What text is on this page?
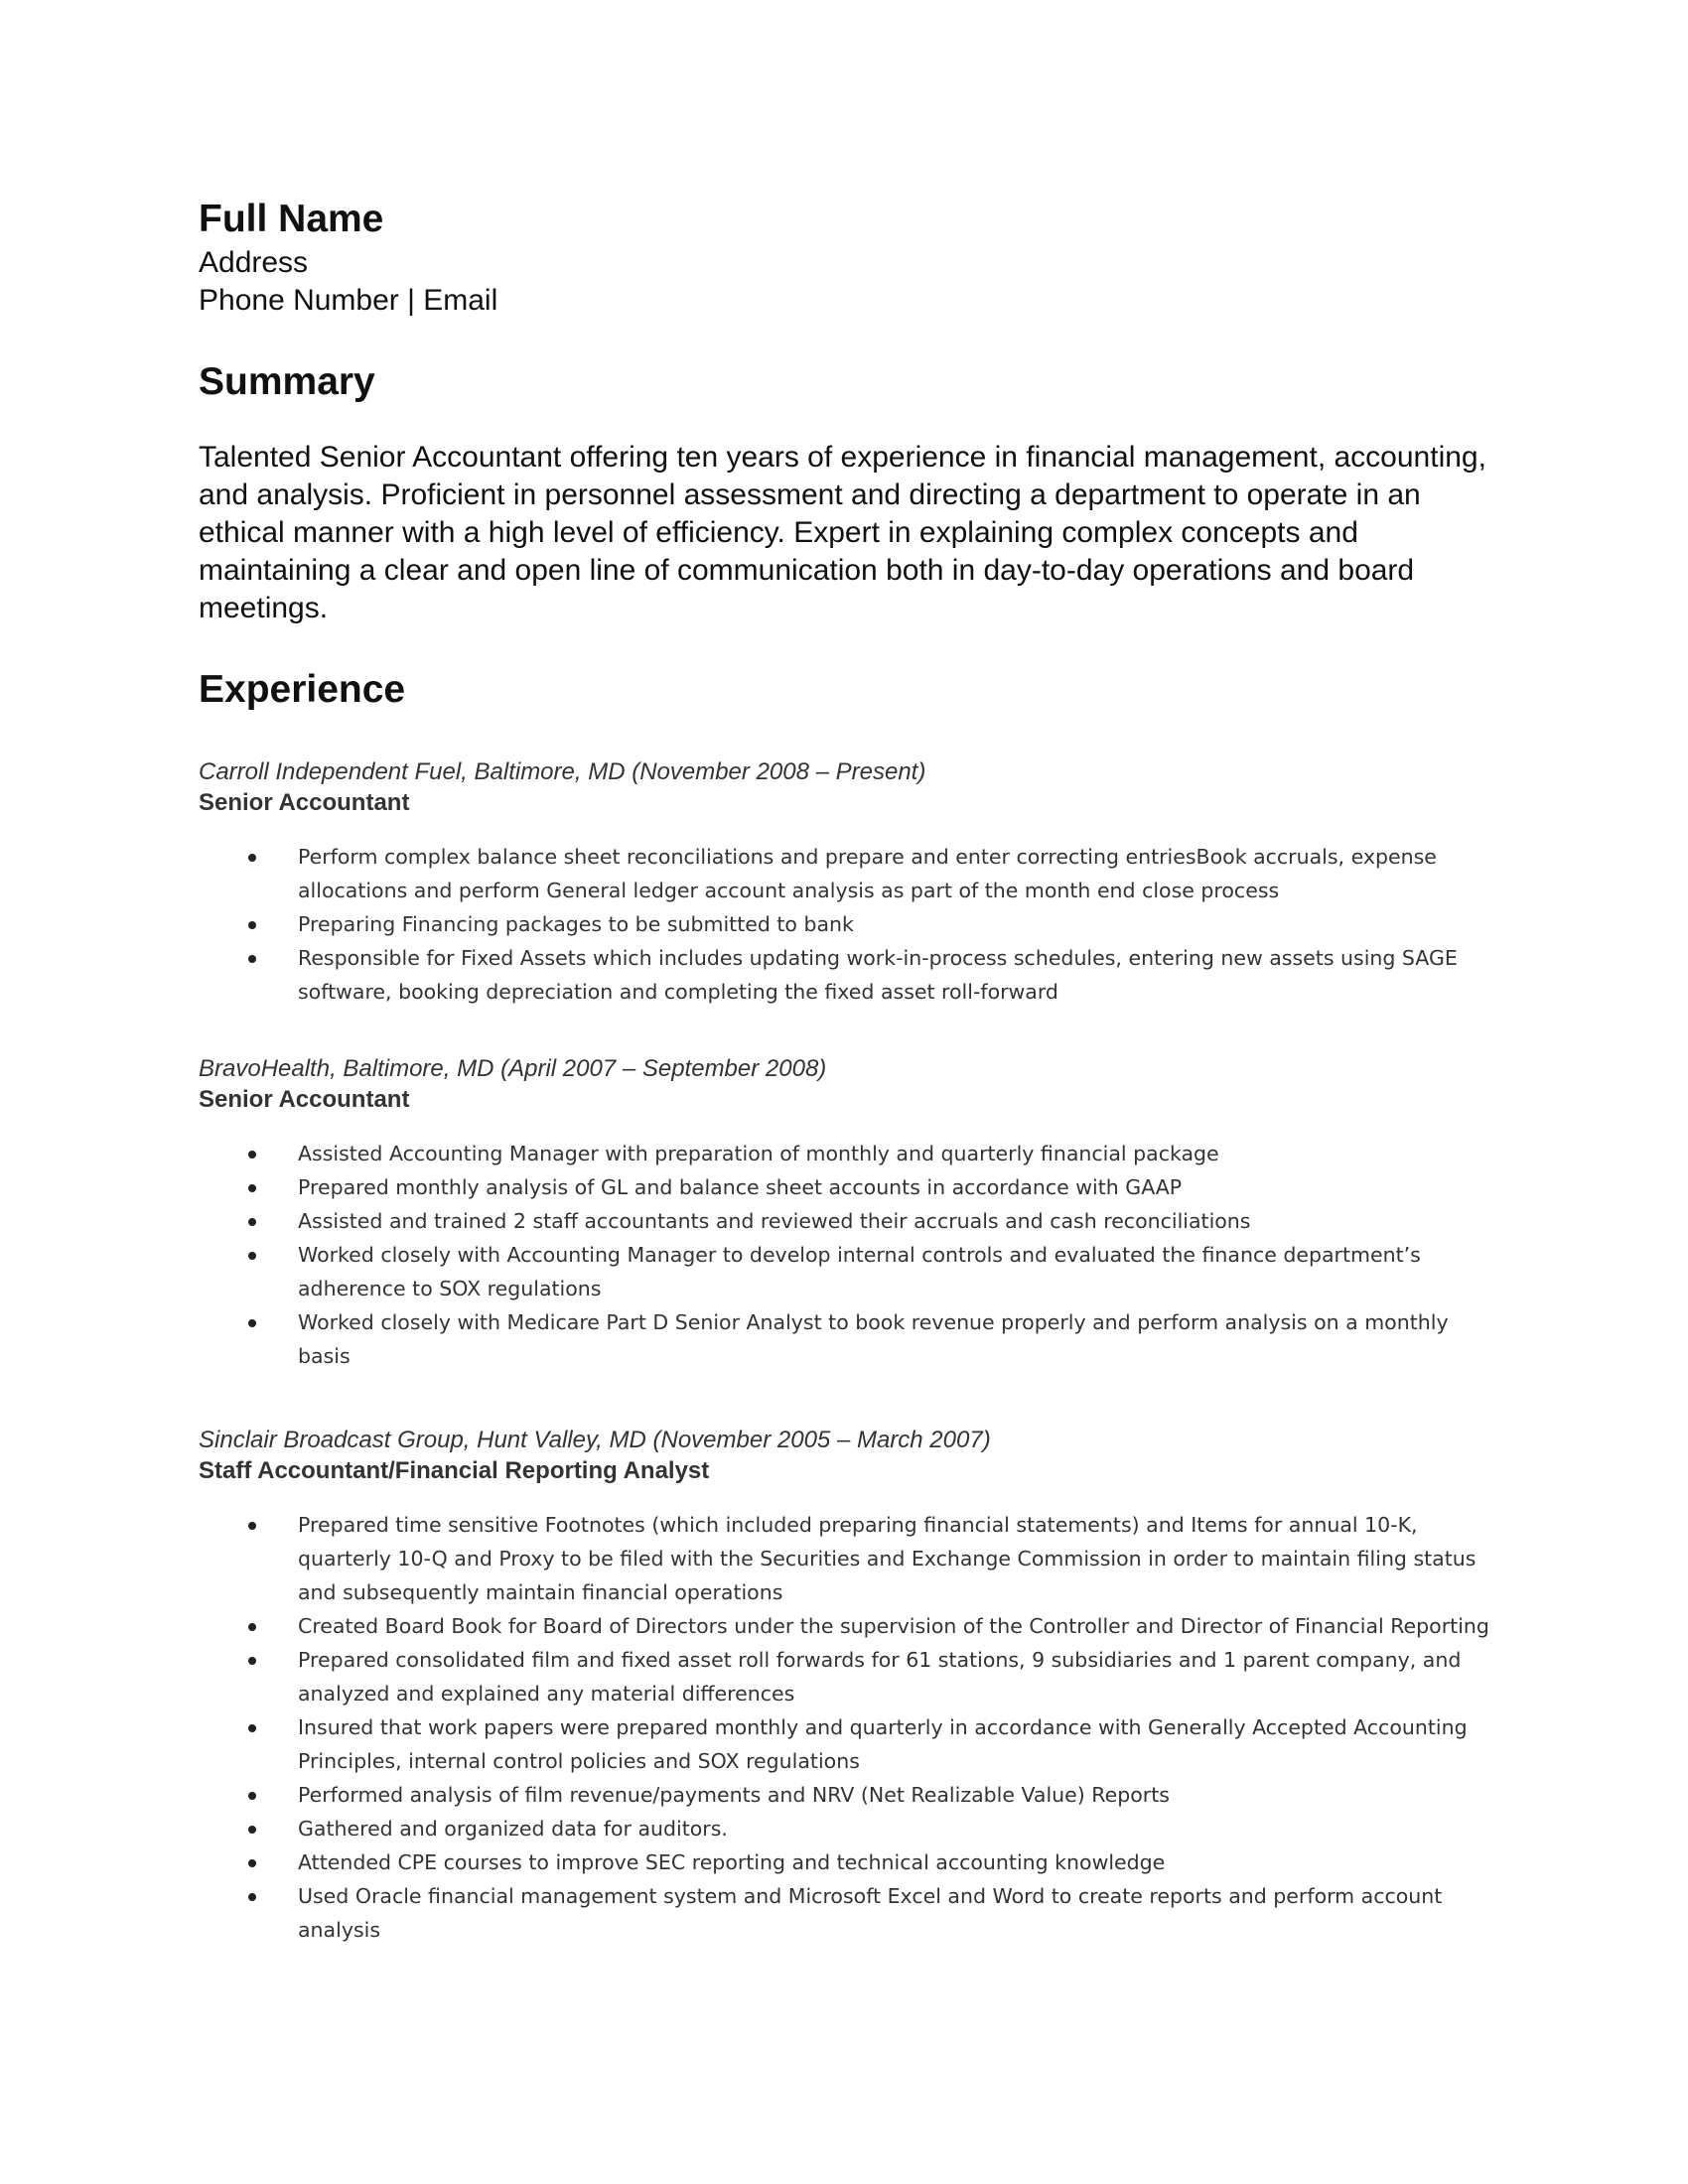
Full Name
Address
Phone Number | Email
Summary
Talented Senior Accountant offering ten years of experience in financial management, accounting, and analysis. Proficient in personnel assessment and directing a department to operate in an ethical manner with a high level of efficiency. Expert in explaining complex concepts and maintaining a clear and open line of communication both in day-to-day operations and board meetings.
Experience
Carroll Independent Fuel, Baltimore, MD (November 2008 – Present)
Senior Accountant
Perform complex balance sheet reconciliations and prepare and enter correcting entriesBook accruals, expense allocations and perform General ledger account analysis as part of the month end close process
Preparing Financing packages to be submitted to bank
Responsible for Fixed Assets which includes updating work-in-process schedules, entering new assets using SAGE software, booking depreciation and completing the fixed asset roll-forward
BravoHealth, Baltimore, MD (April 2007 – September 2008)
Senior Accountant
Assisted Accounting Manager with preparation of monthly and quarterly financial package
Prepared monthly analysis of GL and balance sheet accounts in accordance with GAAP
Assisted and trained 2 staff accountants and reviewed their accruals and cash reconciliations
Worked closely with Accounting Manager to develop internal controls and evaluated the finance department’s adherence to SOX regulations
Worked closely with Medicare Part D Senior Analyst to book revenue properly and perform analysis on a monthly basis
Sinclair Broadcast Group, Hunt Valley, MD (November 2005 – March 2007)
Staff Accountant/Financial Reporting Analyst
Prepared time sensitive Footnotes (which included preparing financial statements) and Items for annual 10-K, quarterly 10-Q and Proxy to be filed with the Securities and Exchange Commission in order to maintain filing status and subsequently maintain financial operations
Created Board Book for Board of Directors under the supervision of the Controller and Director of Financial Reporting
Prepared consolidated film and fixed asset roll forwards for 61 stations, 9 subsidiaries and 1 parent company, and analyzed and explained any material differences
Insured that work papers were prepared monthly and quarterly in accordance with Generally Accepted Accounting Principles, internal control policies and SOX regulations
Performed analysis of film revenue/payments and NRV (Net Realizable Value) Reports
Gathered and organized data for auditors.
Attended CPE courses to improve SEC reporting and technical accounting knowledge
Used Oracle financial management system and Microsoft Excel and Word to create reports and perform account analysis
